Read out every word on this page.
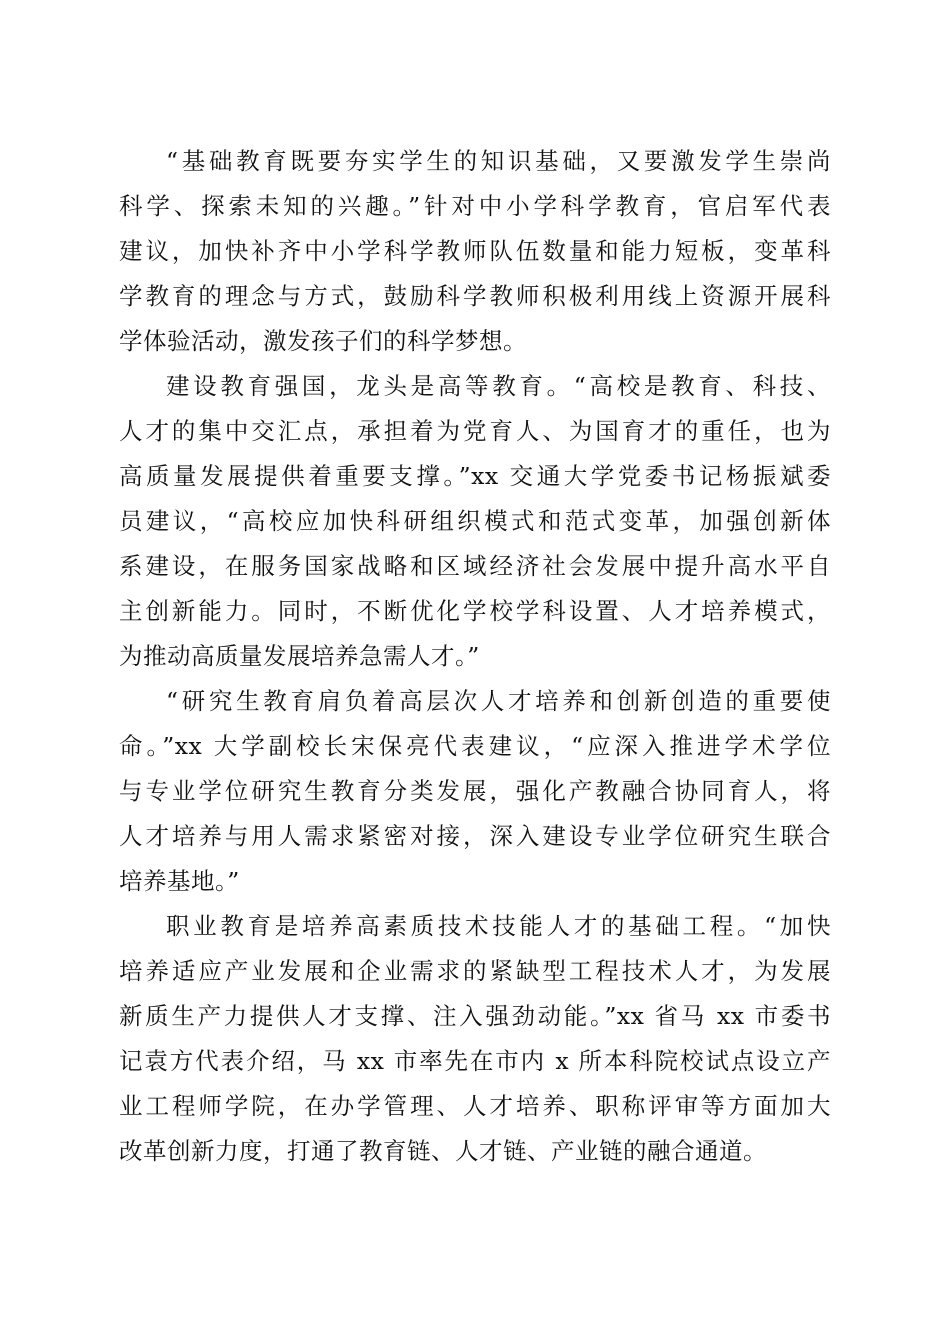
“基础教育既要夯实学生的知识基础，又要激发学生崇尚
科学、探索未知的兴趣。”针对中小学科学教育，官启军代表
建议，加快补齐中小学科学教师队伍数量和能力短板，变革科
学教育的理念与方式，鼓励科学教师积极利用线上资源开展科
学体验活动，激发孩子们的科学梦想。
建设教育强国，龙头是高等教育。“高校是教育、科技、
人才的集中交汇点，承担着为党育人、为国育才的重任，也为
高质量发展提供着重要支撑。”xx 交通大学党委书记杨振斌委
员建议，“高校应加快科研组织模式和范式变革，加强创新体
系建设，在服务国家战略和区域经济社会发展中提升高水平自
主创新能力。同时，不断优化学校学科设置、人才培养模式，
为推动高质量发展培养急需人才。”
“研究生教育肩负着高层次人才培养和创新创造的重要使
命。”xx 大学副校长宋保亮代表建议，“应深入推进学术学位
与专业学位研究生教育分类发展，强化产教融合协同育人，将
人才培养与用人需求紧密对接，深入建设专业学位研究生联合
培养基地。”
职业教育是培养高素质技术技能人才的基础工程。“加快
培养适应产业发展和企业需求的紧缺型工程技术人才，为发展
新质生产力提供人才支撑、注入强劲动能。”xx 省马 xx 市委书
记袁方代表介绍，马 xx 市率先在市内 x 所本科院校试点设立产
业工程师学院，在办学管理、人才培养、职称评审等方面加大
改革创新力度，打通了教育链、人才链、产业链的融合通道。
